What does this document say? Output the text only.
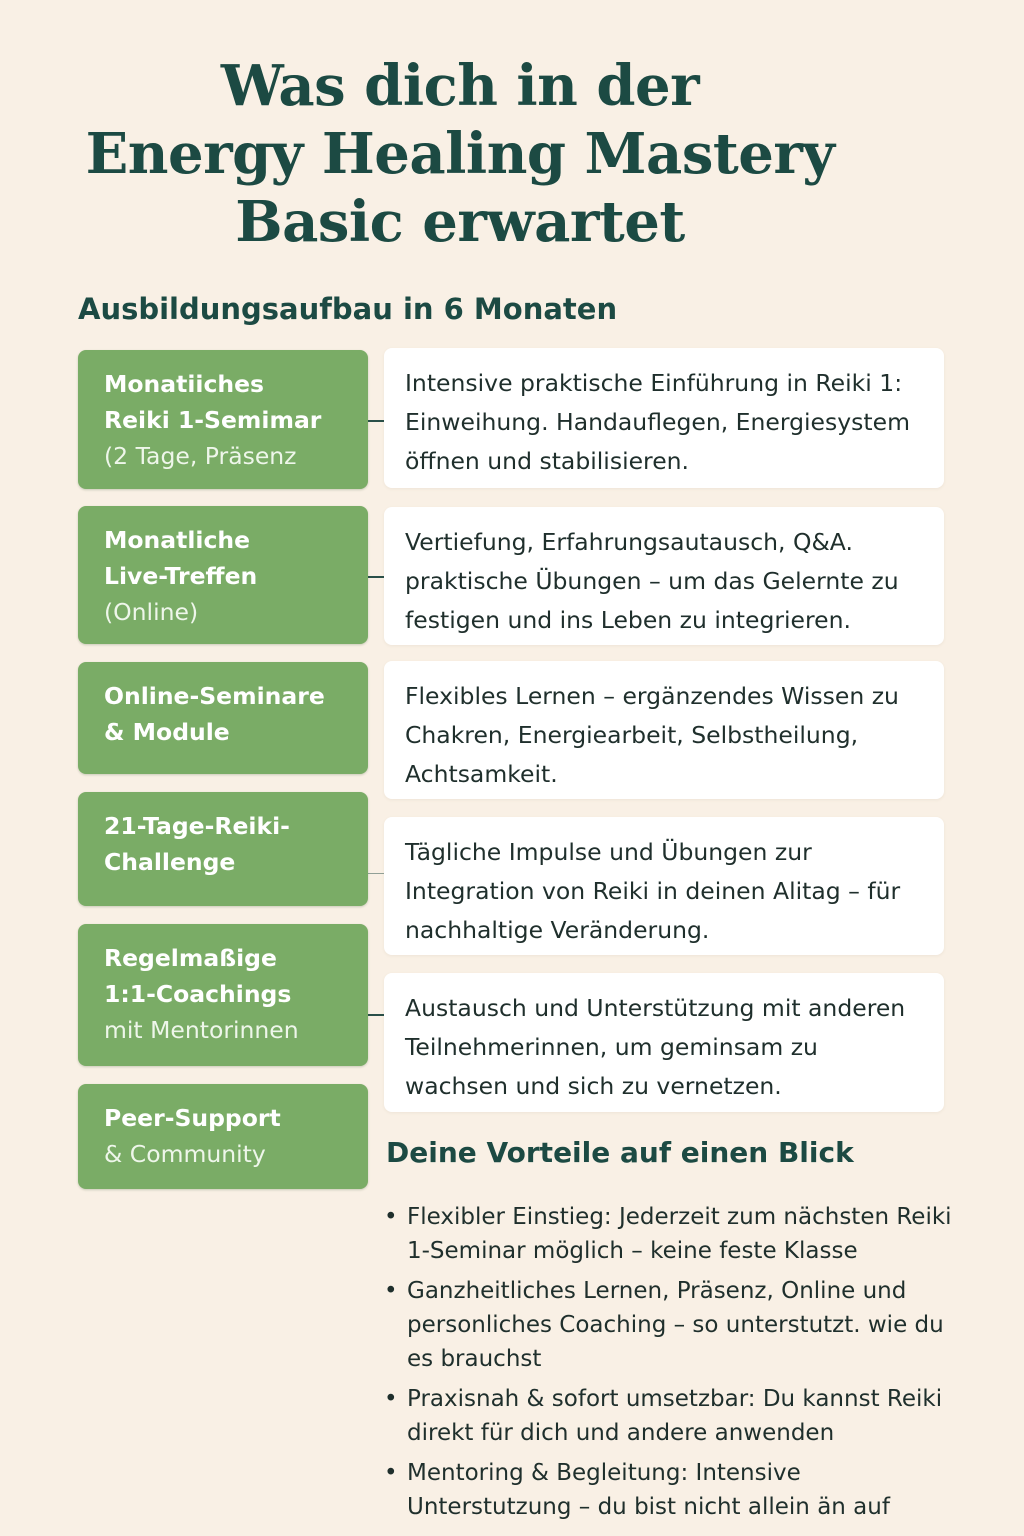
Was dich in der
Energy Healing Mastery
Basic erwartet
Ausbildungsaufbau in 6 Monaten
Monatiiches
Reiki 1-Semimar
(2 Tage, Präsenz
Intensive praktische Einführung in Reiki 1: Einweihung. Handauflegen, Energiesystem öffnen und stabilisieren.
Monatliche
Live-Treffen
(Online)
Vertiefung, Erfahrungsautausch, Q&A. praktische Übungen – um das Gelernte zu festigen und ins Leben zu integrieren.
Online-Seminare
& Module
Flexibles Lernen – ergänzendes Wissen zu Chakren, Energiearbeit, Selbstheilung, Achtsamkeit.
21-Tage-Reiki-
Challenge	Tägliche Impulse und Übungen zur Integration von Reiki in deinen Alitag – für nachhaltige Veränderung.
Regelmaßige
1:1-Coachings
mit Mentorinnen
Austausch und Unterstützung mit anderen Teilnehmerinnen, um geminsam zu wachsen und sich zu vernetzen.
Peer-Support
& Community	Deine Vorteile auf einen Blick
• Flexibler Einstieg: Jederzeit zum nächsten Reiki 1-Seminar möglich – keine feste Klasse
• Ganzheitliches Lernen, Präsenz, Online und personliches Coaching – so unterstutzt. wie du es brauchst
• Praxisnah & sofort umsetzbar: Du kannst Reiki direkt für dich und andere anwenden
• Mentoring & Begleitung: Intensive Unterstutzung – du bist nicht allein än auf
